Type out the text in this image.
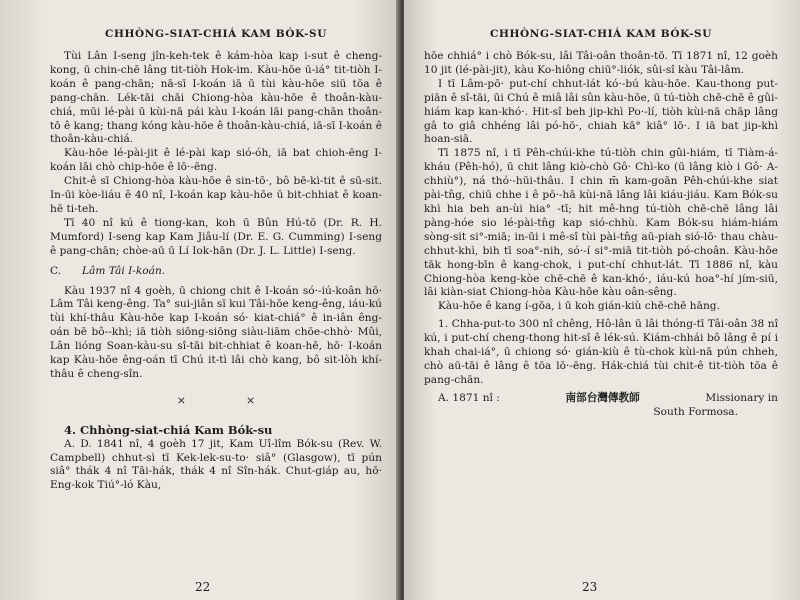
CHHÒNG-SIAT-CHIÁ KAM BÓK-SU

Tùi Lân I-seng jîn-keh-tek ê kám-hòa kap i-sut ê cheng-kong, ū chin-chē lâng tit-tiòh Hok-im. Kàu-hōe ū-iá° tit-tiòh I-koán ê pang-chān; nā-sī I-koán iā ū tùi kàu-hōe siū tōa ê pang-chān. Lék-tāi chāi Chiong-hòa kàu-hōe ê thoân-kàu-chiá, mūi lé-pài ū kùi-nā pái kàu I-koán lāi pang-chān thoân-tō ê kang; thang kóng kàu-hōe ê thoân-kàu-chiá, iā-sī I-koán ê thoân-kàu-chiá.

Kàu-hōe lé-pài-jit ê lé-pài kap sió-óh, iā bat chioh-ēng I-koán lāi chò chip-hōe ê lō·-ēng.

Chit-ê sī Chiong-hòa kàu-hōe ê sin-tō·, bô bē-kì-tit ê sū-sit. In-ūi kòe-liáu ê 40 nî, I-koán kap kàu-hōe ū bit-chhiat ê koan-hē ti-teh.

Tī 40 nî kú ê tiong-kan, koh ū Bûn Hú-tō (Dr. R. H. Mumford) I-seng kap Kam Jiâu-lí (Dr. E. G. Cumming) I-seng ê pang-chān; chòe-aū ū Lí Iok-hān (Dr. J. L. Little) I-seng.

C. Lâm Tâi I-koán.

Kàu 1937 nî 4 goèh, ū chiong chit ê I-koán só·-iú-koân hō· Lâm Tâi keng-êng. Ta° sui-jiân sī kui Tâi-hōe keng-êng, iáu-kú tùi khí-thâu Kàu-hōe kap I-koán só· kiat-chiá° ê in-iân êng-oán bē bô--khì; iā tiòh siōng-siōng siàu-liām chōe-chhò· Mûi, Lân lióng Soan-kàu-su sî-tāi bit-chhiat ê koan-hē, hō· I-koán kap Kàu-hōe êng-oán tī Chú it-tì lâi chò kang, bô sit-lòh khí-thâu ê cheng-sîn.

×	×

4. Chhòng-siat-chiá Kam Bók-su

A. D. 1841 nî, 4 goèh 17 jit, Kam Uî-lîm Bók-su (Rev. W. Campbell) chhut-sì tī Kek-lek-su-to· siâ° (Glasgow), tī pún siâ° thák 4 nî Tāi-hák, thák 4 nî Sîn-hák. Chut-giáp au, hō· Eng-kok Tiú°-ló Kàu,

22
CHHÒNG-SIAT-CHIÁ KAM BÓK-SU

hōe chhiá° i chò Bók-su, lâi Tâi-oân thoân-tō. Tī 1871 nî, 12 goèh 10 jit (lé-pài-jit), kàu Ko-hiông chiū°-liók, sûi-sî kàu Tâi-lâm.

I tī Lâm-pō· put-chí chhut-lát kó·-bú kàu-hōe. Kau-thong put-piān ê sî-tāi, ūi Chú ê miâ lâi sûn kàu-hōe, ū tú-tiòh chē-chē ê gûi-hiám kap kan-khó·. Hit-sî beh jip-khì Po·-lí, tiòh kùi-nā chāp lâng gâ to giâ chhéng lâi pó-hō·, chiah kā° kiâ° lō·. I iā bat jip-khì hoan-siā.

Tī 1875 nî, i tī Pêh-chúi-khe tú-tiòh chin gûi-hiám, tī Tiàm-á-kháu (Pêh-hó), ū chit lâng kiò-chò Gô· Chì-ko (ū lâng kiò i Gô· A-chhiù°), ná thó·-hūi-thâu. I chin m̄ kam-goān Pêh-chúi-khe siat pài-tn̂g, chiū chhe i ê pō·-hā kùi-nā lâng lâi kiáu-jiáu. Kam Bók-su khì hia beh an-ùi hia° -tī; hit mê-hng tú-tiòh chē-chē lâng lâi pàng-hóe sio lé-pài-tn̂g kap sió-chhù. Kam Bók-su hiám-hiám sòng-sit si°-miā; in-ūi i mê-sî tùi pài-tn̂g aū-piah sió-lō· thau chàu-chhut-khì, bih tī soa°-nih, só·-í si°-miā tit-tiòh pó-choân. Kàu-hōe tāk hong-bīn ê kang-chok, i put-chí chhut-lát. Tī 1886 nî, kàu Chiong-hòa keng-kòe chē-chē ê kan-khó·, iáu-kú hoa°-hí jím-siū, lâi kiàn-siat Chiong-hòa Kàu-hōe kàu oân-sêng.

Kàu-hōe ê kang í-gōa, i ū koh gián-kiù chē-chē hāng.

1. Chha-put-to 300 nî chêng, Hô-lân ū lâi thóng-tī Tâi-oân 38 nî kú, i put-chí cheng-thong hit-sî ê lék-sú. Kiám-chhái bô lâng ê pí i khah chai-iá°, ū chiong só· gián-kiù ê tù-chok kùi-nā pún chheh, chò aū-tāi ê lâng ê tōa lō·-ēng. Hák-chiá tùi chit-ê tit-tiòh tōa ê pang-chān.

A. 1871 nî :	南部台灣傳教師	Missionary in

South Formosa.

23
